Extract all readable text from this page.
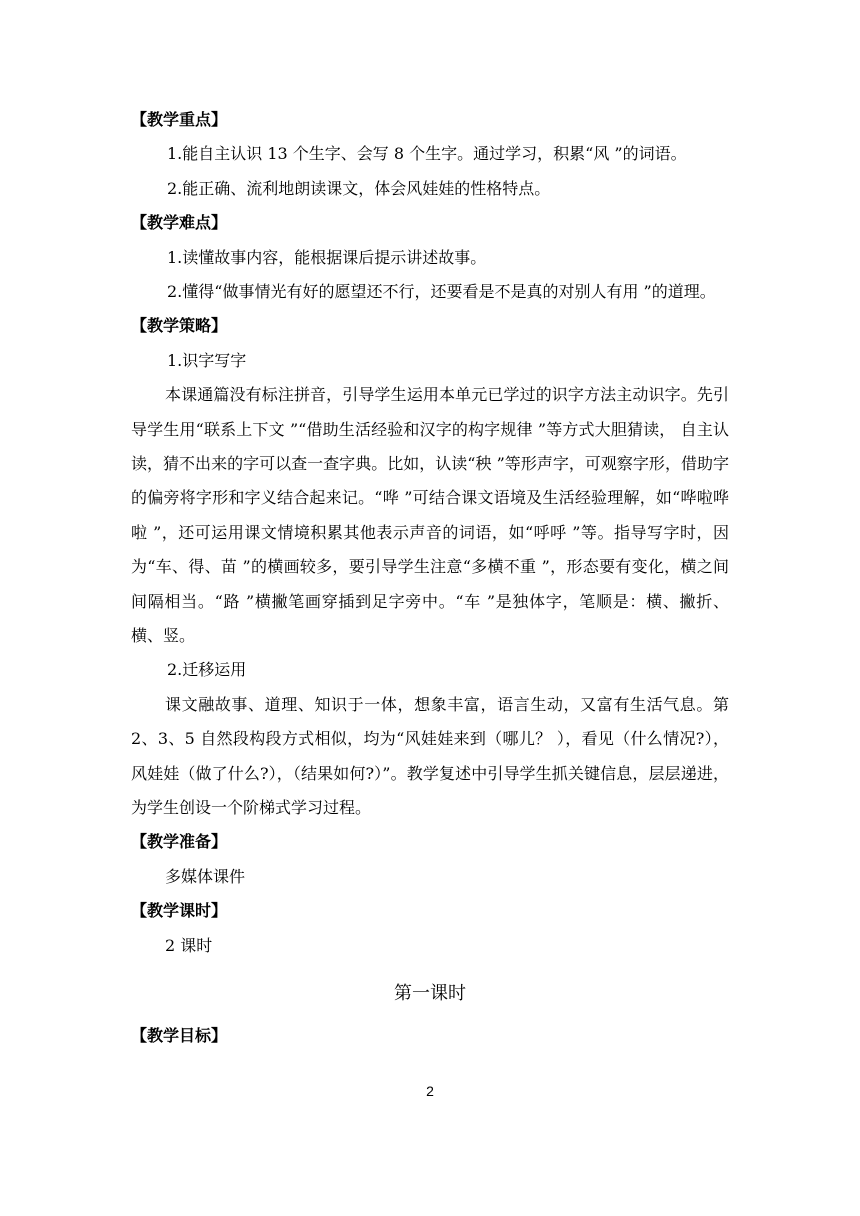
【教学重点】
1.能自主认识 13 个生字、会写 8 个生字。通过学习，积累“风 ”的词语。
2.能正确、流利地朗读课文，体会风娃娃的性格特点。
【教学难点】
1.读懂故事内容，能根据课后提示讲述故事。
2.懂得“做事情光有好的愿望还不行，还要看是不是真的对别人有用 ”的道理。
【教学策略】
1.识字写字
本课通篇没有标注拼音，引导学生运用本单元已学过的识字方法主动识字。先引导学生用“联系上下文 ”“借助生活经验和汉字的构字规律 ”等方式大胆猜读， 自主认读，猜不出来的字可以查一查字典。比如，认读“秧 ”等形声字，可观察字形，借助字的偏旁将字形和字义结合起来记。“哗 ”可结合课文语境及生活经验理解，如“哗啦哗啦 ”，还可运用课文情境积累其他表示声音的词语，如“呼呼 ”等。指导写字时，因为“车、得、苗 ”的横画较多，要引导学生注意“多横不重 ”，形态要有变化，横之间间隔相当。“路 ”横撇笔画穿插到足字旁中。“车 ”是独体字，笔顺是：横、撇折、横、竖。
2.迁移运用
课文融故事、道理、知识于一体，想象丰富，语言生动，又富有生活气息。第 2、3、5 自然段构段方式相似，均为“风娃娃来到（哪儿？ ），看见（什么情况?），风娃娃（做了什么?），（结果如何?）”。教学复述中引导学生抓关键信息，层层递进，为学生创设一个阶梯式学习过程。
【教学准备】
多媒体课件
【教学课时】
2 课时
第一课时
【教学目标】
2
